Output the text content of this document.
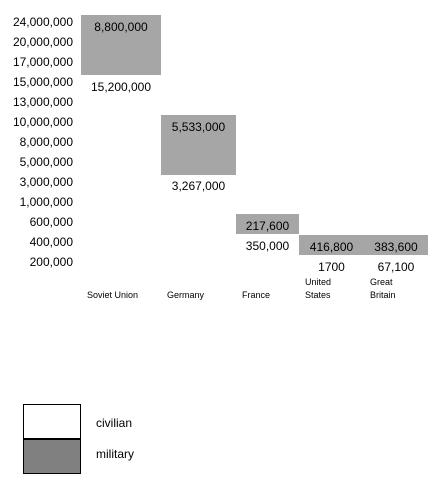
24,000,000
20,000,000
17,000,000
15,000,000
13,000,000
10,000,000
8,000,000
5,000,000
3,000,000
1,000,000
600,000
400,000
200,000
8,800,000
15,200,000
5,533,000
3,267,000
217,600
350,000 416,800
1700
383,600
67,100
Soviet Union	Germany	France
United States
Great Britain
civilian
military
